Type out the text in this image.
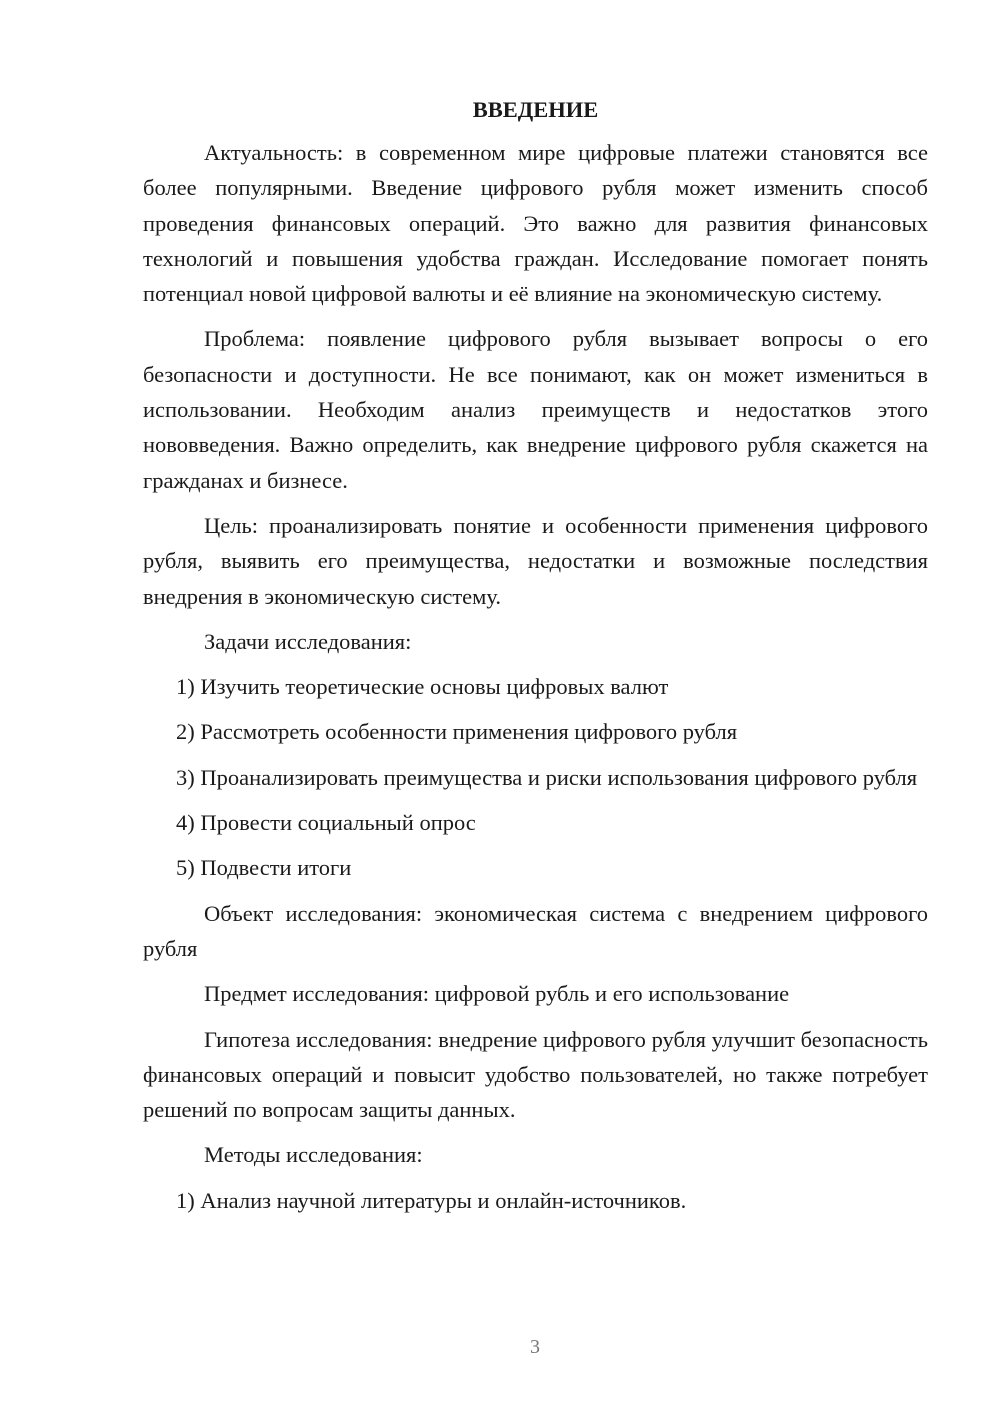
ВВЕДЕНИЕ

Актуальность: в современном мире цифровые платежи становятся все более популярными. Введение цифрового рубля может изменить способ проведения финансовых операций. Это важно для развития финансовых технологий и повышения удобства граждан. Исследование помогает понять потенциал новой цифровой валюты и её влияние на экономическую систему.

Проблема: появление цифрового рубля вызывает вопросы о его безопасности и доступности. Не все понимают, как он может измениться в использовании. Необходим анализ преимуществ и недостатков этого нововведения. Важно определить, как внедрение цифрового рубля скажется на гражданах и бизнесе.

Цель: проанализировать понятие и особенности применения цифрового рубля, выявить его преимущества, недостатки и возможные последствия внедрения в экономическую систему.

Задачи исследования:

1) Изучить теоретические основы цифровых валют

2) Рассмотреть особенности применения цифрового рубля

3) Проанализировать преимущества и риски использования цифрового рубля

4) Провести социальный опрос

5) Подвести итоги

Объект исследования: экономическая система с внедрением цифрового рубля

Предмет исследования: цифровой рубль и его использование

Гипотеза исследования: внедрение цифрового рубля улучшит безопасность финансовых операций и повысит удобство пользователей, но также потребует решений по вопросам защиты данных.

Методы исследования:

1) Анализ научной литературы и онлайн-источников.

3
